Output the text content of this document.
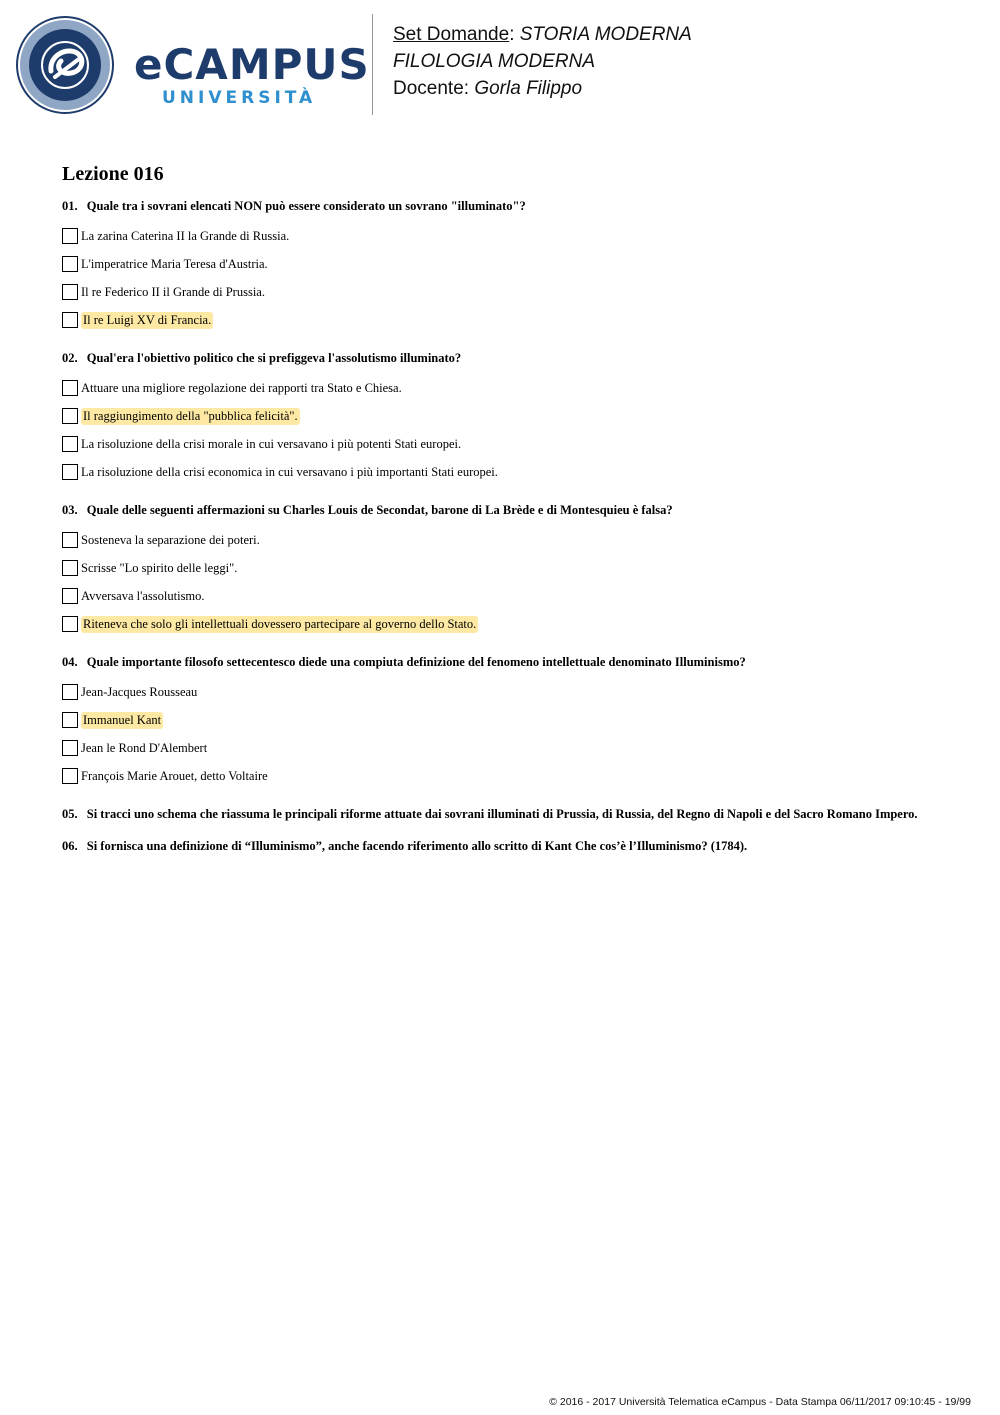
eCAMPUS
UNIVERSITÀ
Set Domande: STORIA MODERNA
FILOLOGIA MODERNA
Docente: Gorla Filippo
Lezione 016
01. Quale tra i sovrani elencati NON può essere considerato un sovrano "illuminato"?
La zarina Caterina II la Grande di Russia.
L'imperatrice Maria Teresa d'Austria.
Il re Federico II il Grande di Prussia.
Il re Luigi XV di Francia.
02. Qual'era l'obiettivo politico che si prefiggeva l'assolutismo illuminato?
Attuare una migliore regolazione dei rapporti tra Stato e Chiesa.
Il raggiungimento della "pubblica felicità".
La risoluzione della crisi morale in cui versavano i più potenti Stati europei.
La risoluzione della crisi economica in cui versavano i più importanti Stati europei.
03. Quale delle seguenti affermazioni su Charles Louis de Secondat, barone di La Brède e di Montesquieu è falsa?
Sosteneva la separazione dei poteri.
Scrisse "Lo spirito delle leggi".
Avversava l'assolutismo.
Riteneva che solo gli intellettuali dovessero partecipare al governo dello Stato.
04. Quale importante filosofo settecentesco diede una compiuta definizione del fenomeno intellettuale denominato Illuminismo?
Jean-Jacques Rousseau
Immanuel Kant
Jean le Rond D'Alembert
François Marie Arouet, detto Voltaire
05. Si tracci uno schema che riassuma le principali riforme attuate dai sovrani illuminati di Prussia, di Russia, del Regno di Napoli e del Sacro Romano Impero.
06. Si fornisca una definizione di “Illuminismo”, anche facendo riferimento allo scritto di Kant Che cos’è l’Illuminismo? (1784).
© 2016 - 2017 Università Telematica eCampus - Data Stampa 06/11/2017 09:10:45 - 19/99
